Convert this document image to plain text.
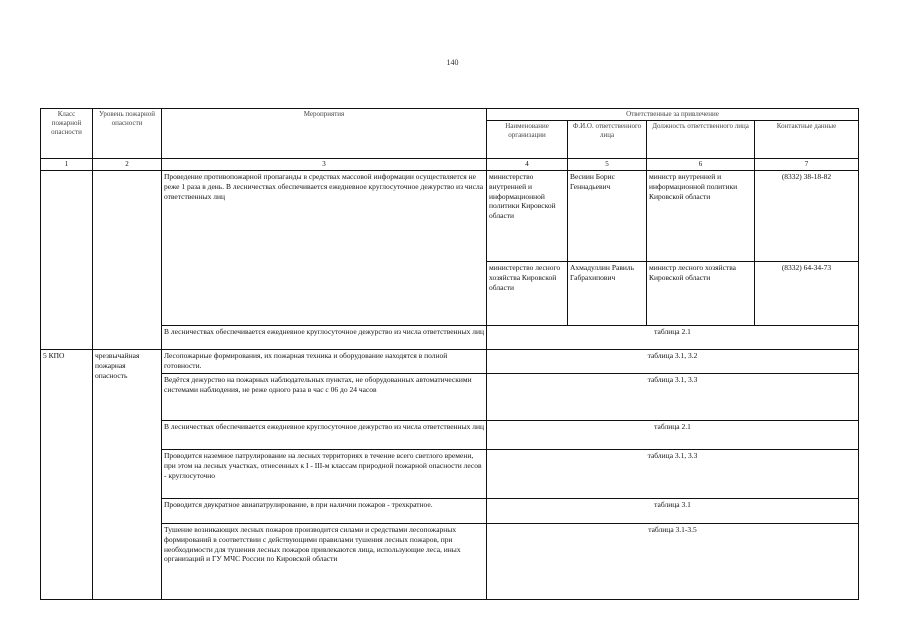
140
Класс пожарной опасности	Уровень пожарной опасности	Мероприятия	Ответственные за привлечение			
			Наименование организации	Ф.И.О. ответственного лица	Должность ответственного лица	Контактные данные
1	2	3	4	5	6	7
		Проведение противопожарной пропаганды в средствах массовой информации осуществляется не реже 1 раза в день. В лесничествах обеспечивается ежедневное круглосуточное дежурство из числа ответственных лиц	министерство внутренней и информационной политики Кировской области	Весиин Борис Геннадьевич	министр внутренней и информационной политики Кировской области	(8332) 38-18-82
			министерство лесного хозяйства Кировской области	Ахмадуллин Равиль Габрахипович	министр лесного хозяйства Кировской области	(8332) 64-34-73
		В лесничествах обеспечивается ежедневное круглосуточное дежурство из числа ответственных лиц	таблица 2.1			
5 КПО	чрезвычайная пожарная опасность	Лесопожарные формирования, их пожарная техника и оборудование находятся в полной готовности.	таблица 3.1, 3.2			
		Ведётся дежурство на пожарных наблюдательных пунктах, не оборудованных автоматическими системами наблюдения, не реже одного раза в час с 06 до 24 часов	таблица 3.1, 3.3			
		В лесничествах обеспечивается ежедневное круглосуточное дежурство из числа ответственных лиц	таблица 2.1			
		Проводится наземное патрулирование на лесных территориях в течение всего светлого времени, при этом на лесных участках, отнесенных к I - III-м классам природной пожарной опасности лесов - круглосуточно	таблица 3.1, 3.3			
		Проводится двукратное авиапатрулирование, в при наличии пожаров - трехкратное.	таблица 3.1			
		Тушение возникающих лесных пожаров производится силами и средствами лесопожарных формирований в соответствии с действующими правилами тушения лесных пожаров, при необходимости для тушения лесных пожаров привлекаются лица, использующие леса, иных организаций и ГУ МЧС России по Кировской области	таблица 3.1-3.5			
